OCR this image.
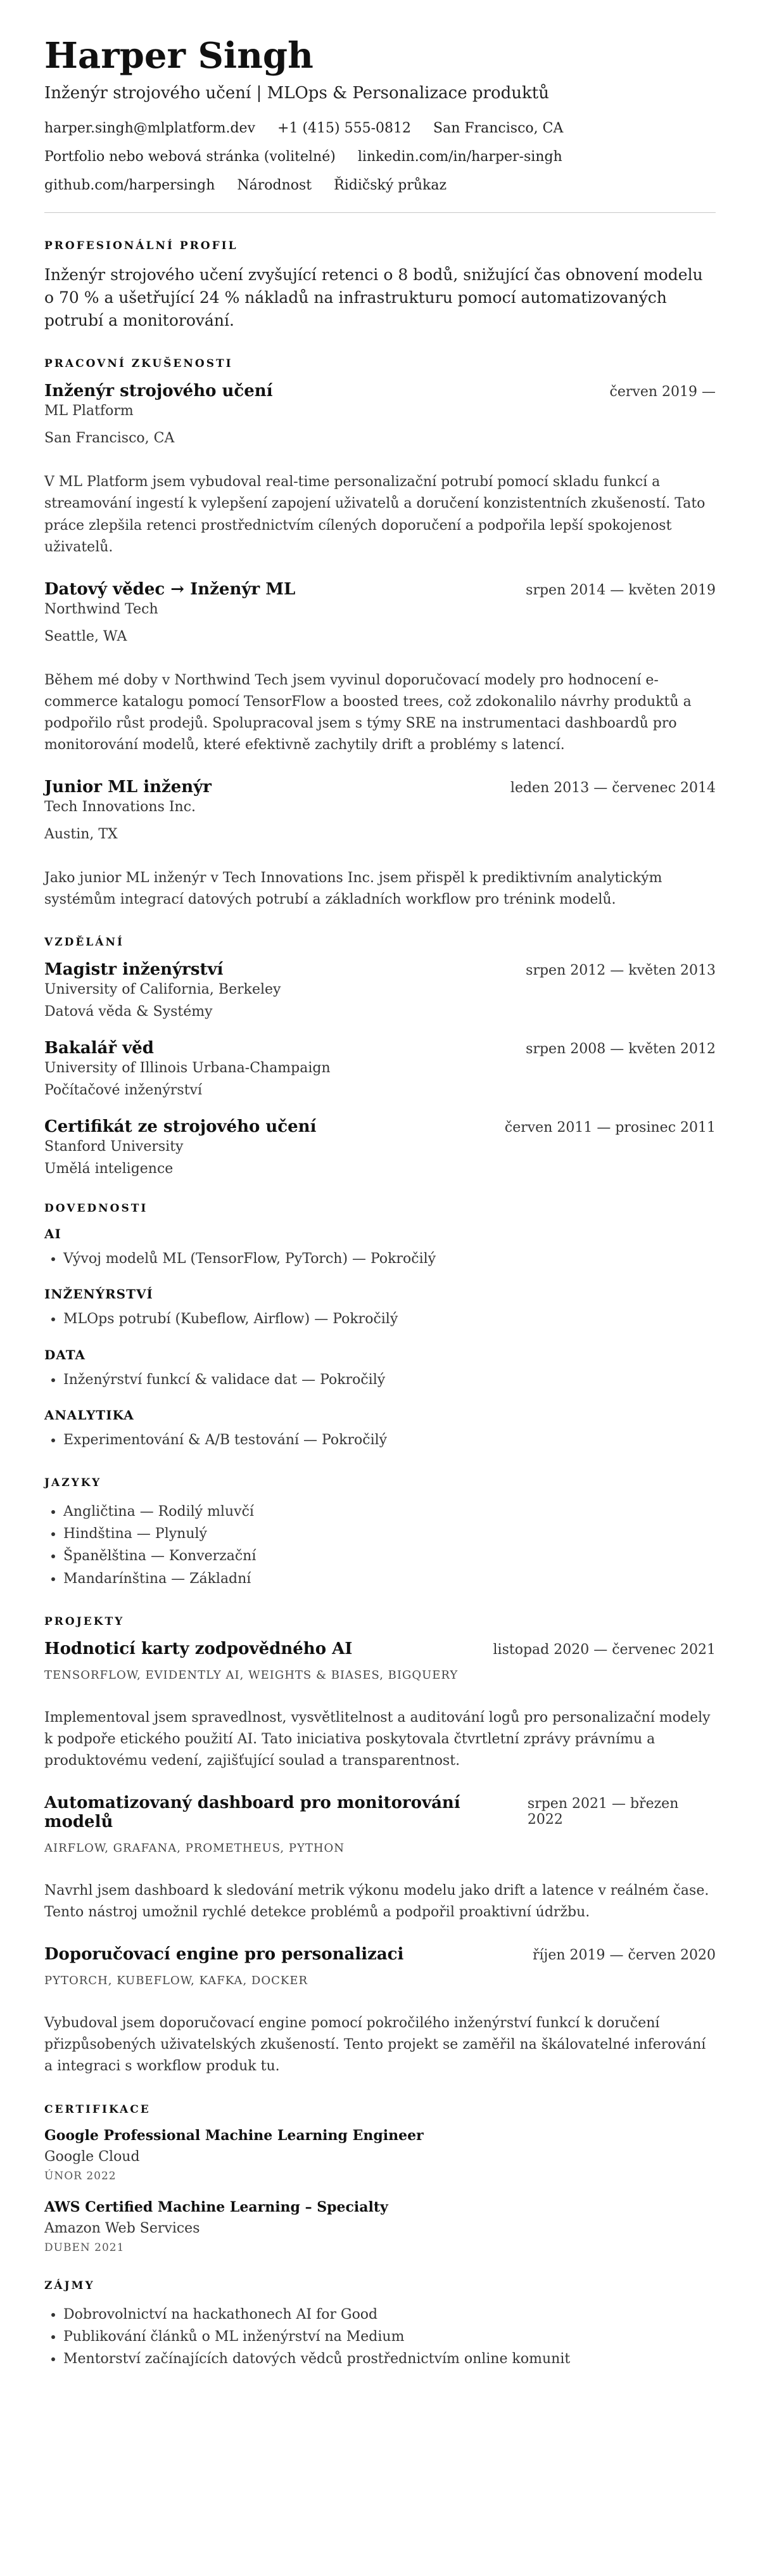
Harper Singh
Inženýr strojového učení | MLOps & Personalizace produktů
harper.singh@mlplatform.dev +1 (415) 555-0812 San Francisco, CA
Portfolio nebo webová stránka (volitelné) linkedin.com/in/harper-singh
github.com/harpersingh Národnost Řidičský průkaz
PROFESIONÁLNÍ PROFIL
Inženýr strojového učení zvyšující retenci o 8 bodů, snižující čas obnovení modelu o 70 % a ušetřující 24 % nákladů na infrastrukturu pomocí automatizovaných potrubí a monitorování.
PRACOVNÍ ZKUŠENOSTI
Inženýr strojového učení	červen 2019 —
ML Platform
San Francisco, CA
V ML Platform jsem vybudoval real-time personalizační potrubí pomocí skladu funkcí a streamování ingestí k vylepšení zapojení uživatelů a doručení konzistentních zkušeností. Tato práce zlepšila retenci prostřednictvím cílených doporučení a podpořila lepší spokojenost uživatelů.
Datový vědec → Inženýr ML	srpen 2014 — květen 2019
Northwind Tech
Seattle, WA
Během mé doby v Northwind Tech jsem vyvinul doporučovací modely pro hodnocení e-commerce katalogu pomocí TensorFlow a boosted trees, což zdokonalilo návrhy produktů a podpořilo růst prodejů. Spolupracoval jsem s týmy SRE na instrumentaci dashboardů pro monitorování modelů, které efektivně zachytily drift a problémy s latencí.
Junior ML inženýr	leden 2013 — červenec 2014
Tech Innovations Inc.
Austin, TX
Jako junior ML inženýr v Tech Innovations Inc. jsem přispěl k prediktivním analytickým systémům integrací datových potrubí a základních workflow pro trénink modelů.
VZDĚLÁNÍ
Magistr inženýrství	srpen 2012 — květen 2013
University of California, Berkeley
Datová věda & Systémy
Bakalář věd	srpen 2008 — květen 2012
University of Illinois Urbana-Champaign
Počítačové inženýrství
Certifikát ze strojového učení	červen 2011 — prosinec 2011
Stanford University
Umělá inteligence
DOVEDNOSTI
AI
• Vývoj modelů ML (TensorFlow, PyTorch) — Pokročilý
INŽENÝRSTVÍ
• MLOps potrubí (Kubeflow, Airflow) — Pokročilý
DATA
• Inženýrství funkcí & validace dat — Pokročilý
ANALYTIKA
• Experimentování & A/B testování — Pokročilý
JAZYKY
• Angličtina — Rodilý mluvčí
• Hindština — Plynulý
• Španělština — Konverzační
• Mandarínština — Základní
PROJEKTY
Hodnoticí karty zodpovědného AI	listopad 2020 — červenec 2021
TENSORFLOW, EVIDENTLY AI, WEIGHTS & BIASES, BIGQUERY
Implementoval jsem spravedlnost, vysvětlitelnost a auditování logů pro personalizační modely k podpoře etického použití AI. Tato iniciativa poskytovala čtvrtletní zprávy právnímu a produktovému vedení, zajišťující soulad a transparentnost.
Automatizovaný dashboard pro monitorování modelů
srpen 2021 — březen 2022
AIRFLOW, GRAFANA, PROMETHEUS, PYTHON
Navrhl jsem dashboard k sledování metrik výkonu modelu jako drift a latence v reálném čase. Tento nástroj umožnil rychlé detekce problémů a podpořil proaktivní údržbu.
Doporučovací engine pro personalizaci	říjen 2019 — červen 2020
PYTORCH, KUBEFLOW, KAFKA, DOCKER
Vybudoval jsem doporučovací engine pomocí pokročilého inženýrství funkcí k doručení přizpůsobených uživatelských zkušeností. Tento projekt se zaměřil na škálovatelné inferování a integraci s workflow produk tu.
CERTIFIKACE
Google Professional Machine Learning Engineer
Google Cloud
ÚNOR 2022
AWS Certified Machine Learning – Specialty
Amazon Web Services
DUBEN 2021
ZÁJMY
• Dobrovolnictví na hackathonech AI for Good
• Publikování článků o ML inženýrství na Medium
• Mentorství začínajících datových vědců prostřednictvím online komunit
